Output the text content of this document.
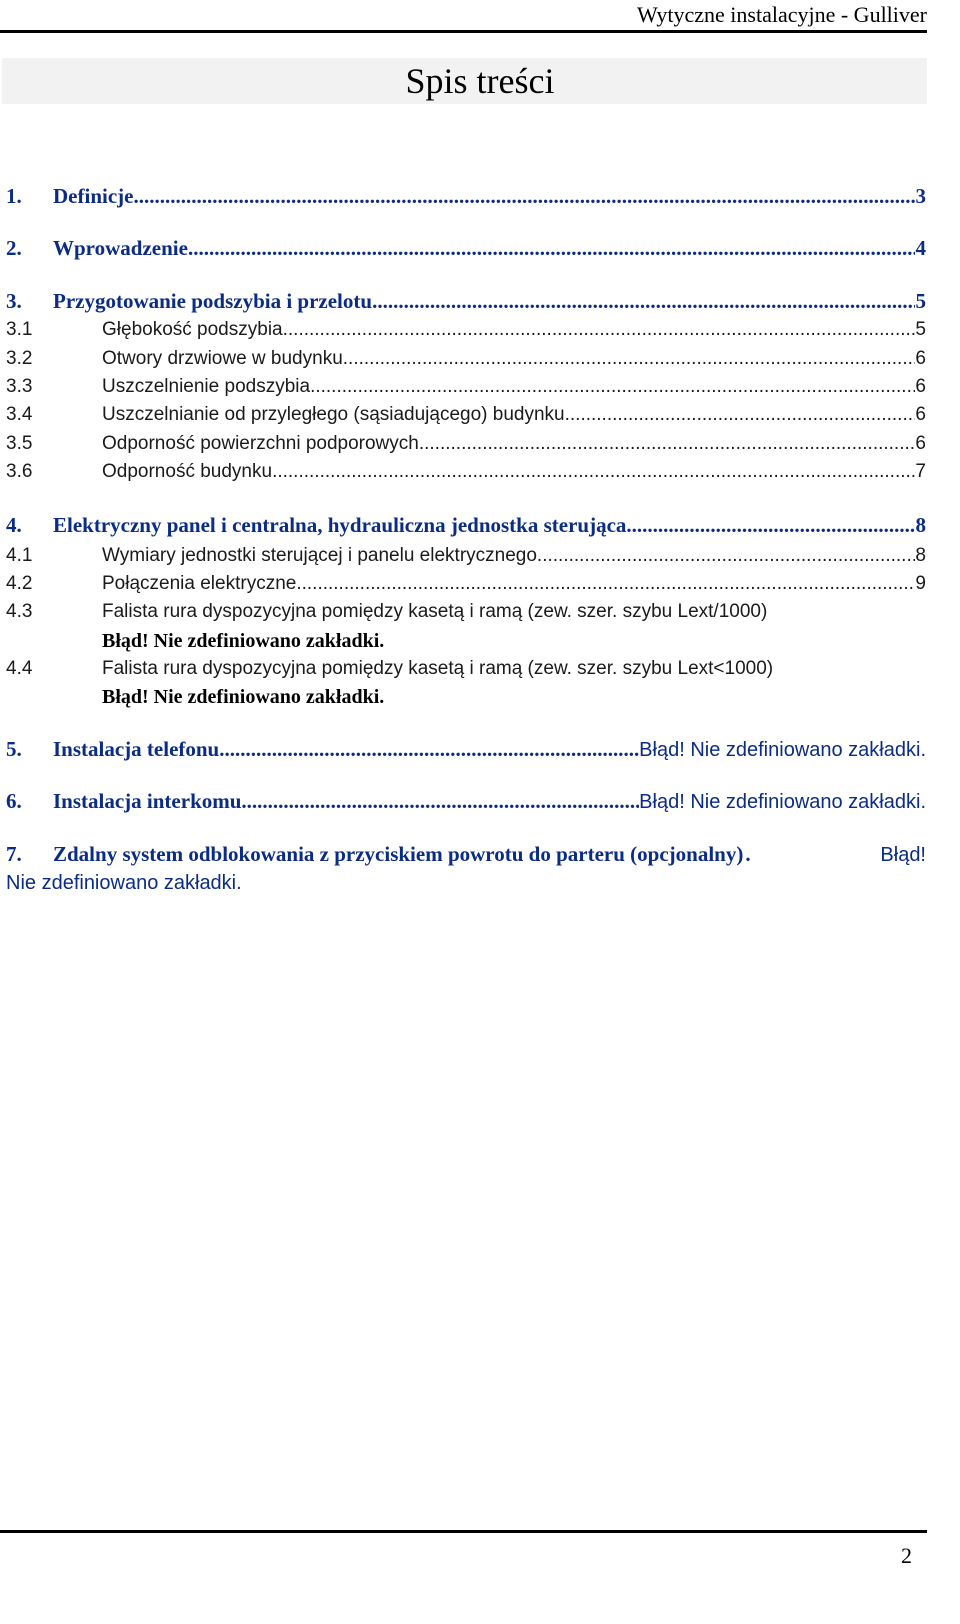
Wytyczne instalacyjne - Gulliver
Spis treści
1.	Definicje .....	3
2.	Wprowadzenie .....	4
3.	Przygotowanie podszybia i przelotu .....	5
3.1	Głębokość podszybia .....	5
3.2	Otwory drzwiowe w budynku .....	6
3.3	Uszczelnienie podszybia .....	6
3.4	Uszczelnianie od przyległego (sąsiadującego) budynku .....	6
3.5	Odporność powierzchni podporowych .....	6
3.6	Odporność budynku .....	7
4.	Elektryczny panel i centralna, hydrauliczna jednostka sterująca .....	8
4.1	Wymiary jednostki sterującej i panelu elektrycznego .....	8
4.2	Połączenia elektryczne .....	9
4.3	Falista rura dyspozycyjna pomiędzy kasetą i ramą (zew. szer. szybu Lext/1000)
Błąd! Nie zdefiniowano zakładki.
4.4	Falista rura dyspozycyjna pomiędzy kasetą i ramą (zew. szer. szybu Lext<1000)
Błąd! Nie zdefiniowano zakładki.
5.	Instalacja telefonu .....	Błąd! Nie zdefiniowano zakładki.
6.	Instalacja interkomu .....	Błąd! Nie zdefiniowano zakładki.
7.	Zdalny system odblokowania z przyciskiem powrotu do parteru (opcjonalny) .	Błąd!
Nie zdefiniowano zakładki.
2
